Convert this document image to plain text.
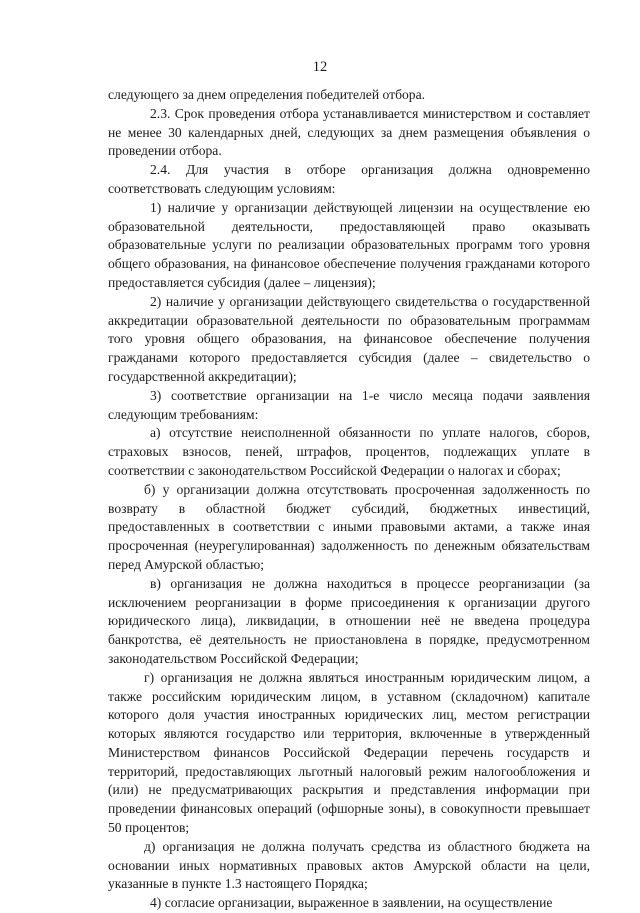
12

следующего за днем определения победителей отбора.

2.3. Срок проведения отбора устанавливается министерством и составляет не менее 30 календарных дней, следующих за днем размещения объявления о проведении отбора.

2.4. Для участия в отборе организация должна одновременно соответствовать следующим условиям:

1) наличие у организации действующей лицензии на осуществление ею образовательной деятельности, предоставляющей право оказывать образовательные услуги по реализации образовательных программ того уровня общего образования, на финансовое обеспечение получения гражданами которого предоставляется субсидия (далее – лицензия);

2) наличие у организации действующего свидетельства о государственной аккредитации образовательной деятельности по образовательным программам того уровня общего образования, на финансовое обеспечение получения гражданами которого предоставляется субсидия (далее – свидетельство о государственной аккредитации);

3) соответствие организации на 1-е число месяца подачи заявления следующим требованиям:

а) отсутствие неисполненной обязанности по уплате налогов, сборов, страховых взносов, пеней, штрафов, процентов, подлежащих уплате в соответствии с законодательством Российской Федерации о налогах и сборах;

б) у организации должна отсутствовать просроченная задолженность по возврату в областной бюджет субсидий, бюджетных инвестиций, предоставленных в соответствии с иными правовыми актами, а также иная просроченная (неурегулированная) задолженность по денежным обязательствам перед Амурской областью;

в) организация не должна находиться в процессе реорганизации (за исключением реорганизации в форме присоединения к организации другого юридического лица), ликвидации, в отношении неё не введена процедура банкротства, её деятельность не приостановлена в порядке, предусмотренном законодательством Российской Федерации;

г) организация не должна являться иностранным юридическим лицом, а также российским юридическим лицом, в уставном (складочном) капитале которого доля участия иностранных юридических лиц, местом регистрации которых являются государство или территория, включенные в утвержденный Министерством финансов Российской Федерации перечень государств и территорий, предоставляющих льготный налоговый режим налогообложения и (или) не предусматривающих раскрытия и представления информации при проведении финансовых операций (офшорные зоны), в совокупности превышает 50 процентов;

д) организация не должна получать средства из областного бюджета на основании иных нормативных правовых актов Амурской области на цели, указанные в пункте 1.3 настоящего Порядка;

4) согласие организации, выраженное в заявлении, на осуществление
